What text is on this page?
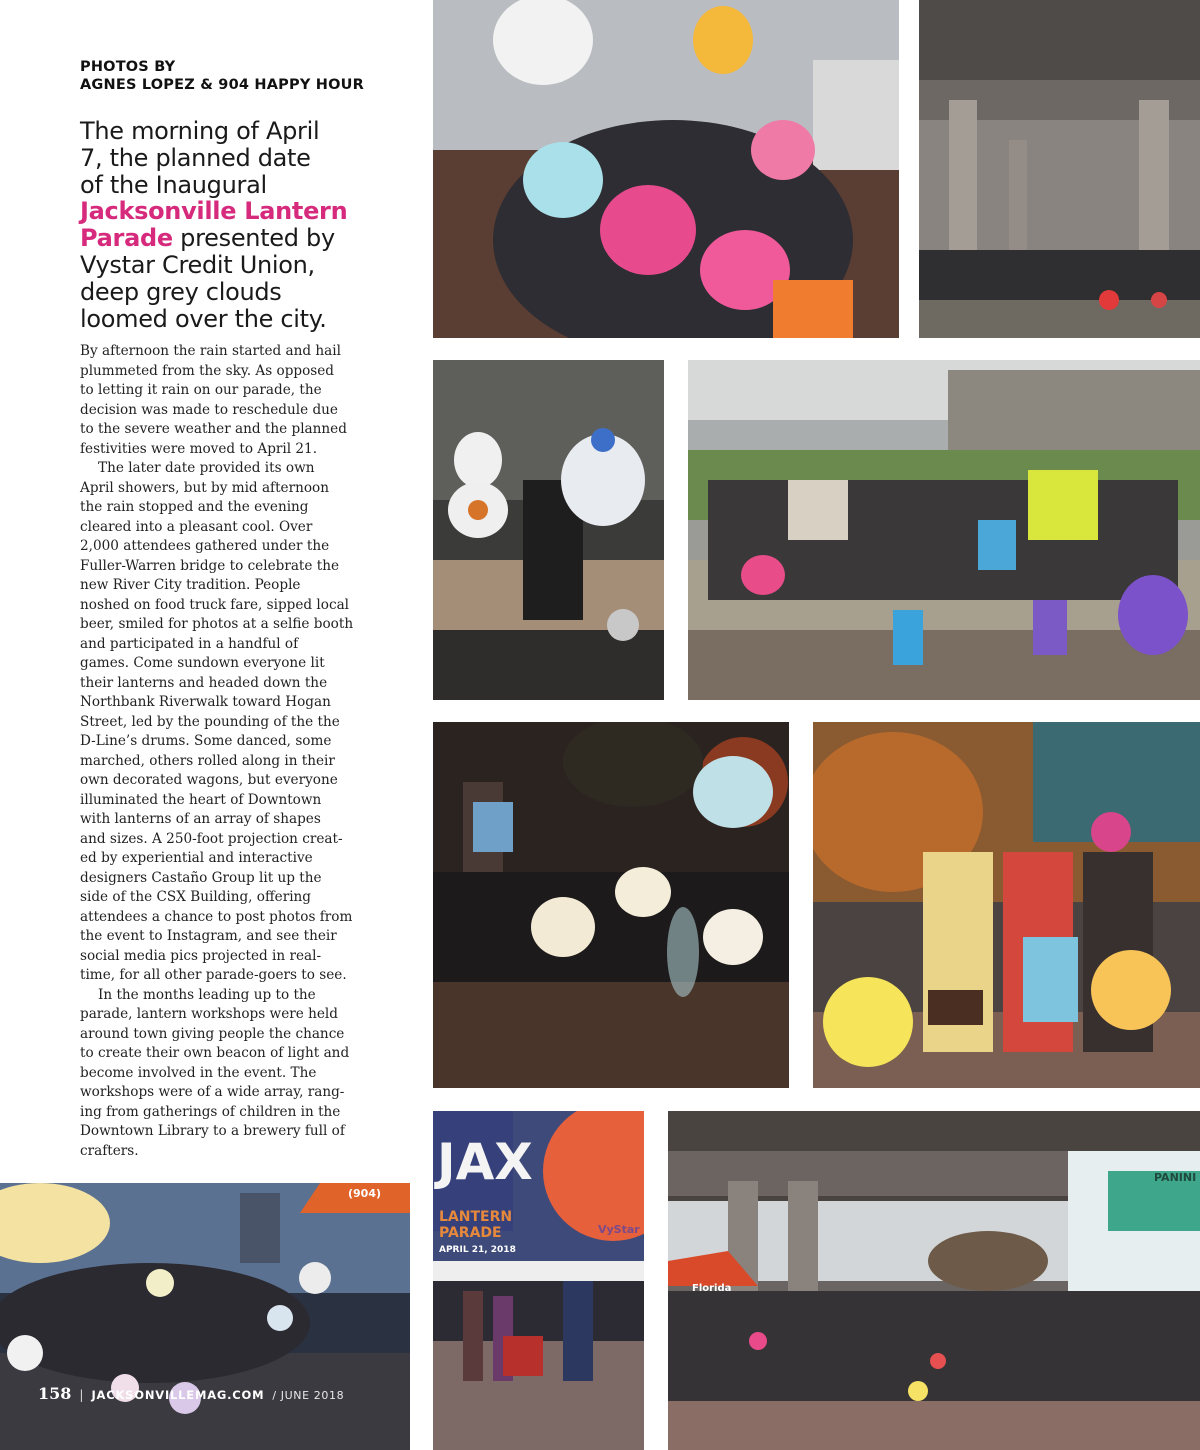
PHOTOS BY
AGNES LOPEZ & 904 HAPPY HOUR
The morning of April
7, the planned date
of the Inaugural
Jacksonville Lantern
Parade presented by
Vystar Credit Union,
deep grey clouds
loomed over the city.
By afternoon the rain started and hail
plummeted from the sky. As opposed
to letting it rain on our parade, the
decision was made to reschedule due
to the severe weather and the planned
festivities were moved to April 21.
The later date provided its own
April showers, but by mid afternoon
the rain stopped and the evening
cleared into a pleasant cool. Over
2,000 attendees gathered under the
Fuller-Warren bridge to celebrate the
new River City tradition. People
noshed on food truck fare, sipped local
beer, smiled for photos at a selfie booth
and participated in a handful of
games. Come sundown everyone lit
their lanterns and headed down the
Northbank Riverwalk toward Hogan
Street, led by the pounding of the the
D-Line’s drums. Some danced, some
marched, others rolled along in their
own decorated wagons, but everyone
illuminated the heart of Downtown
with lanterns of an array of shapes
and sizes. A 250-foot projection creat-
ed by experiential and interactive
designers Castaño Group lit up the
side of the CSX Building, offering
attendees a chance to post photos from
the event to Instagram, and see their
social media pics projected in real-
time, for all other parade-goers to see.
In the months leading up to the
parade, lantern workshops were held
around town giving people the chance
to create their own beacon of light and
become involved in the event. The
workshops were of a wide array, rang-
ing from gatherings of children in the
Downtown Library to a brewery full of
crafters.
(904)
JAX
LANTERN
PARADE
APRIL 21, 2018
VyStar
Florida
PANINI
158 | JACKSONVILLEMAG.COM / JUNE 2018
